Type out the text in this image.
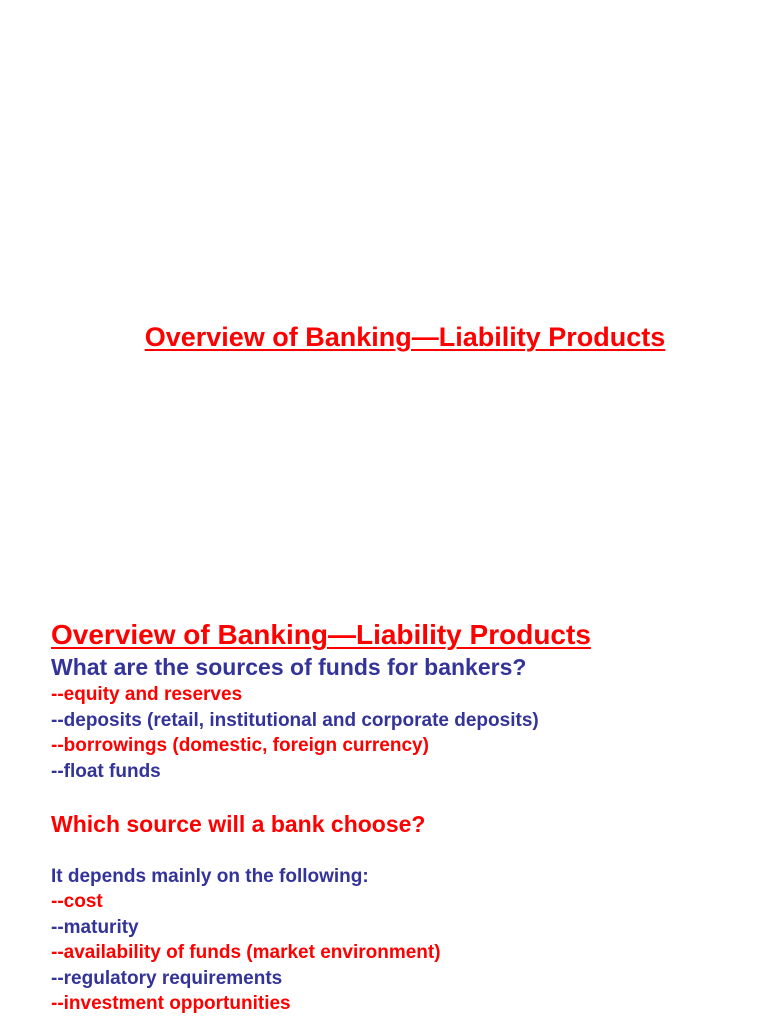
Overview of Banking—Liability Products
Overview of Banking—Liability Products
What are the sources of funds for bankers?
--equity and reserves
--deposits (retail, institutional and corporate deposits)
--borrowings (domestic, foreign currency)
--float funds
Which source will a bank choose?
It depends mainly on the following:
--cost
--maturity
--availability of funds (market environment)
--regulatory requirements
--investment opportunities
